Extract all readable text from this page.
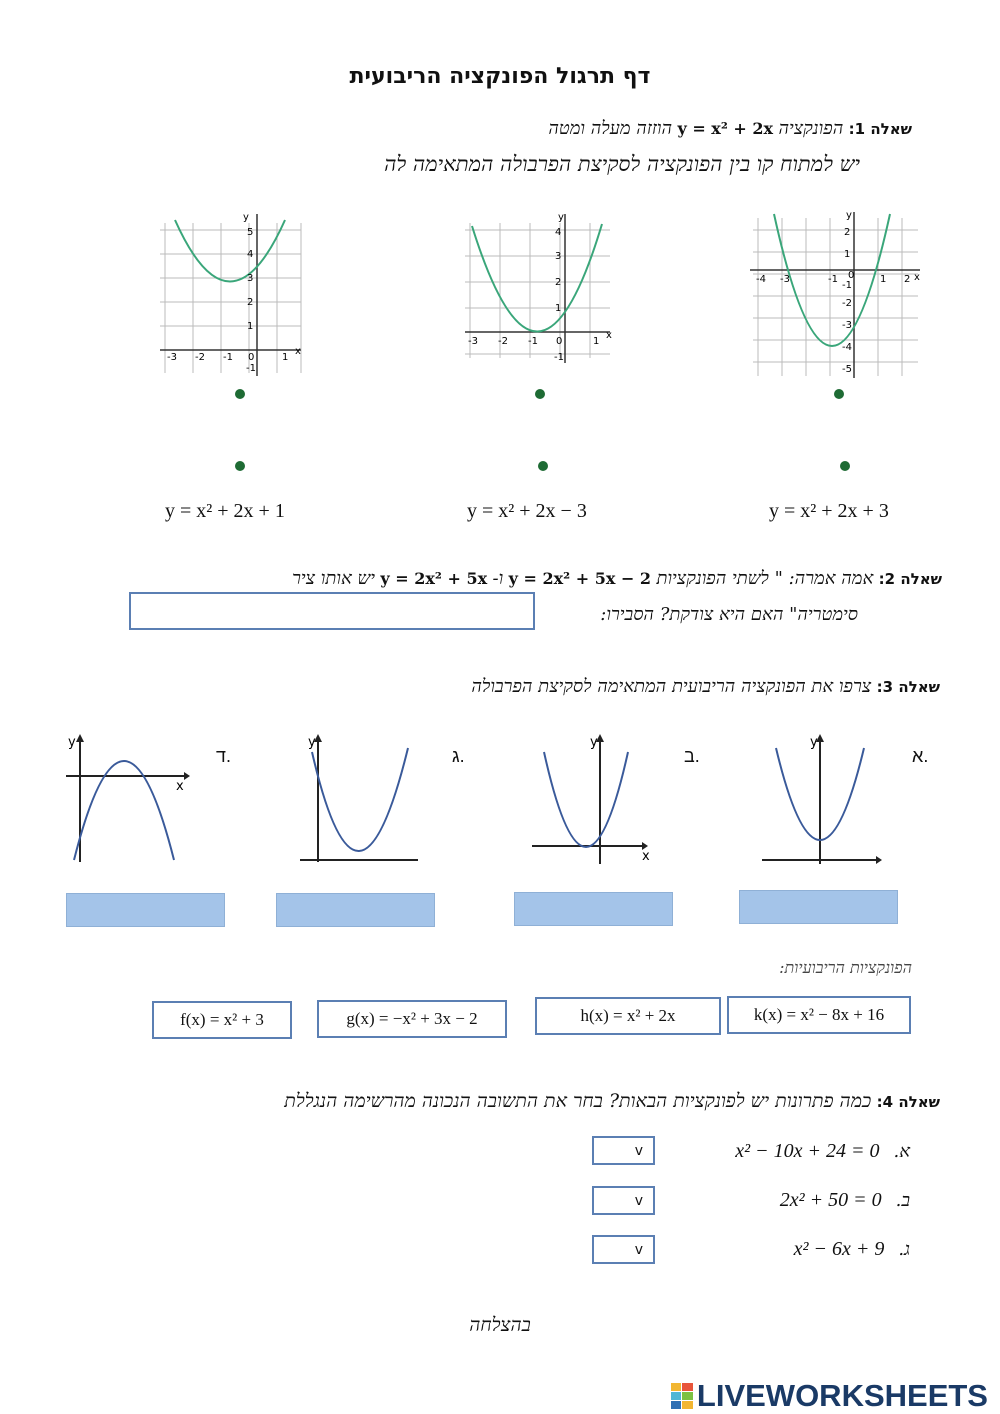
דף תרגול הפונקציה הריבועית
שאלה 1: הפונקציה y = x² + 2x הוזזה מעלה ומטה
יש למתוח קו בין הפונקציה לסקיצת הפרבולה המתאימה לה
y
x
-3 -2 -1 0	1
-1
1
2
3
4
5
y
x
-3 -2 -1 0	1
-1
1
2
3
4
y
x
-4 -3	-1 0	1 2
-5
-4
-3
-2
-1
1
2
y = x² + 2x + 1	y = x² + 2x − 3	y = x² + 2x + 3
שאלה 2: אמה אמרה: " לשתי הפונקציות y = 2x² + 5x − 2 ו- y = 2x² + 5x יש אותו ציר
סימטריה" האם היא צודקת? הסבירו:
שאלה 3: צרפו את הפונקציה הריבועית המתאימה לסקיצת הפרבולה
y
x
y	y
x
y
ד.	ג.	ב.	א.
הפונקציות הריבועיות:
f(x) = x² + 3	g(x) = −x² + 3x − 2	h(x) = x² + 2x	k(x) = x² − 8x + 16
שאלה 4: כמה פתרונות יש לפונקציות הבאות? בחר את התשובה הנכונה מהרשימה הנגללת
א.
x² − 10x + 24 = 0
v
ב.
2x² + 50 = 0
v
ג.
x² − 6x + 9
v
בהצלחה
LIVEWORKSHEETS
